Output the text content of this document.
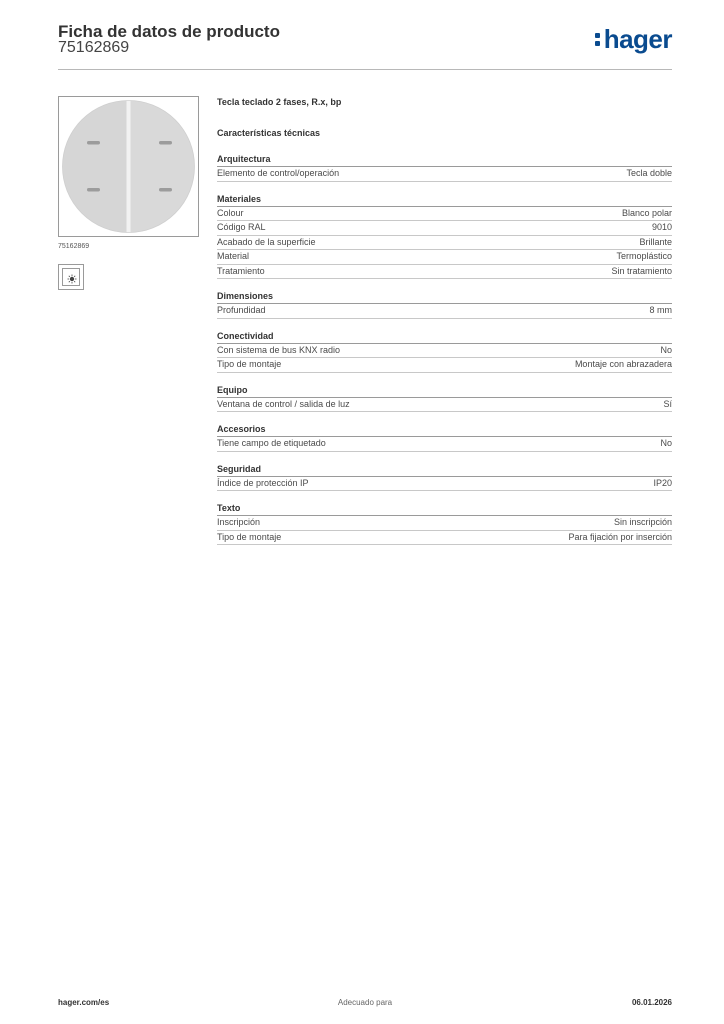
Ficha de datos de producto
75162869	hager
75162869
Tecla teclado 2 fases, R.x, bp
Características técnicas
Arquitectura
Elemento de control/operación	Tecla doble
Materiales
Colour	Blanco polar
Código RAL	9010
Acabado de la superficie	Brillante
Material	Termoplástico
Tratamiento	Sin tratamiento
Dimensiones
Profundidad	8 mm
Conectividad
Con sistema de bus KNX radio	No
Tipo de montaje	Montaje con abrazadera
Equipo
Ventana de control / salida de luz	Sí
Accesorios
Tiene campo de etiquetado	No
Seguridad
Índice de protección IP	IP20
Texto
Inscripción	Sin inscripción
Tipo de montaje	Para fijación por inserción
hager.com/es	Adecuado para	06.01.2026
